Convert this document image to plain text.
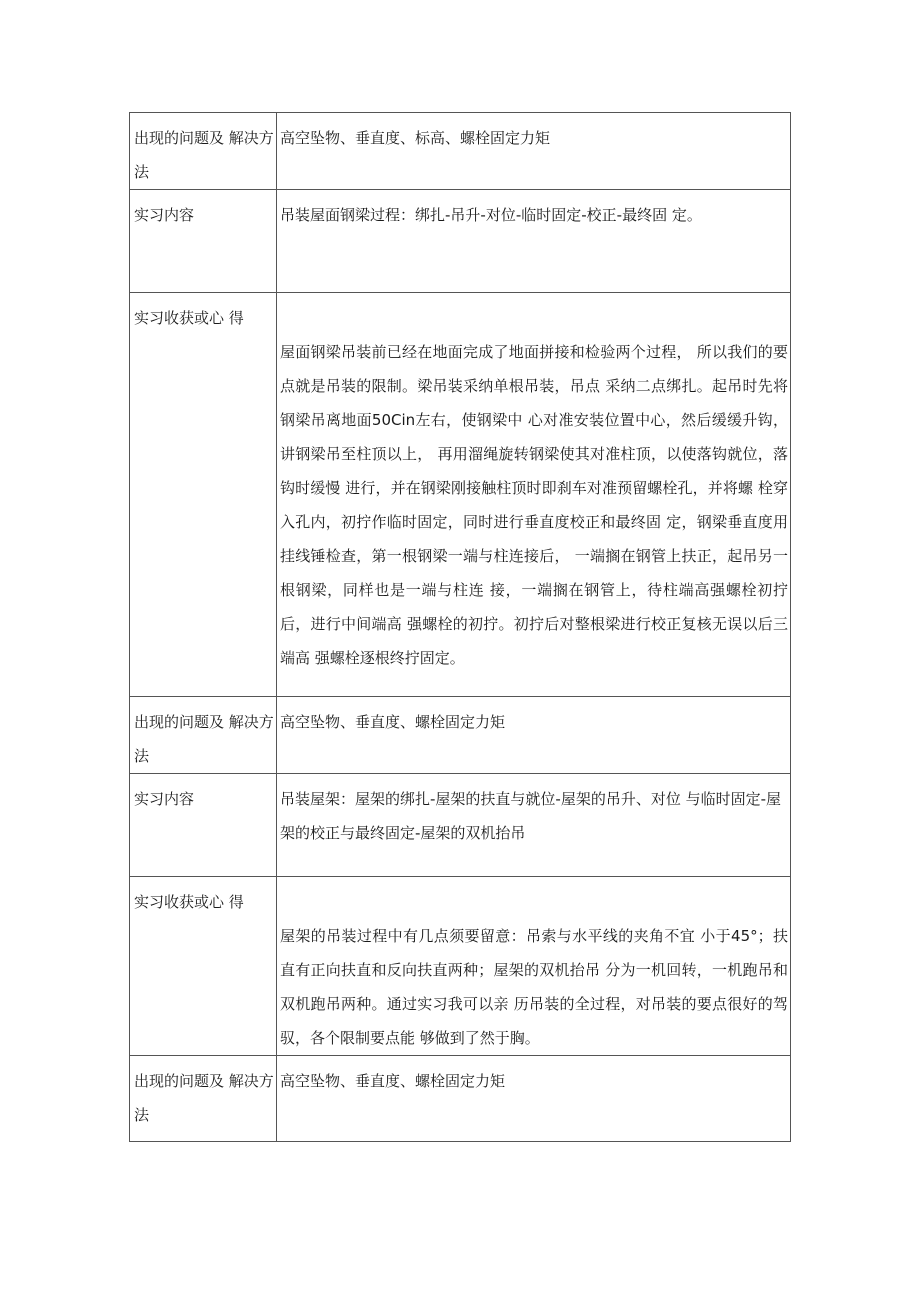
出现的问题及 解决方法	高空坠物、垂直度、标高、螺栓固定力矩
实习内容	吊装屋面钢梁过程：绑扎-吊升-对位-临时固定-校正-最终固 定。
实习收获或心 得	屋面钢梁吊装前已经在地面完成了地面拼接和检验两个过程， 所以我们的要点就是吊装的限制。梁吊装采纳单根吊装，吊点 采纳二点绑扎。起吊时先将钢梁吊离地面50Cin左右，使钢梁中 心对准安装位置中心，然后缓缓升钩，讲钢梁吊至柱顶以上， 再用溜绳旋转钢梁使其对准柱顶，以使落钩就位，落钩时缓慢 进行，并在钢梁刚接触柱顶时即刹车对准预留螺栓孔，并将螺 栓穿入孔内，初拧作临时固定，同时进行垂直度校正和最终固 定，钢梁垂直度用挂线锤检查，第一根钢梁一端与柱连接后， 一端搁在钢管上扶正，起吊另一根钢梁，同样也是一端与柱连 接，一端搁在钢管上，待柱端高强螺栓初拧后，进行中间端高 强螺栓的初拧。初拧后对整根梁进行校正复核无误以后三端高 强螺栓逐根终拧固定。

出现的问题及 解决方法	高空坠物、垂直度、螺栓固定力矩
实习内容	吊装屋架：屋架的绑扎-屋架的扶直与就位-屋架的吊升、对位 与临时固定-屋架的校正与最终固定-屋架的双机抬吊
实习收获或心 得	屋架的吊装过程中有几点须要留意：吊索与水平线的夹角不宜 小于45°；扶直有正向扶直和反向扶直两种；屋架的双机抬吊 分为一机回转，一机跑吊和双机跑吊两种。通过实习我可以亲 历吊装的全过程，对吊装的要点很好的驾驭，各个限制要点能 够做到了然于胸。

出现的问题及 解决方法	高空坠物、垂直度、螺栓固定力矩
